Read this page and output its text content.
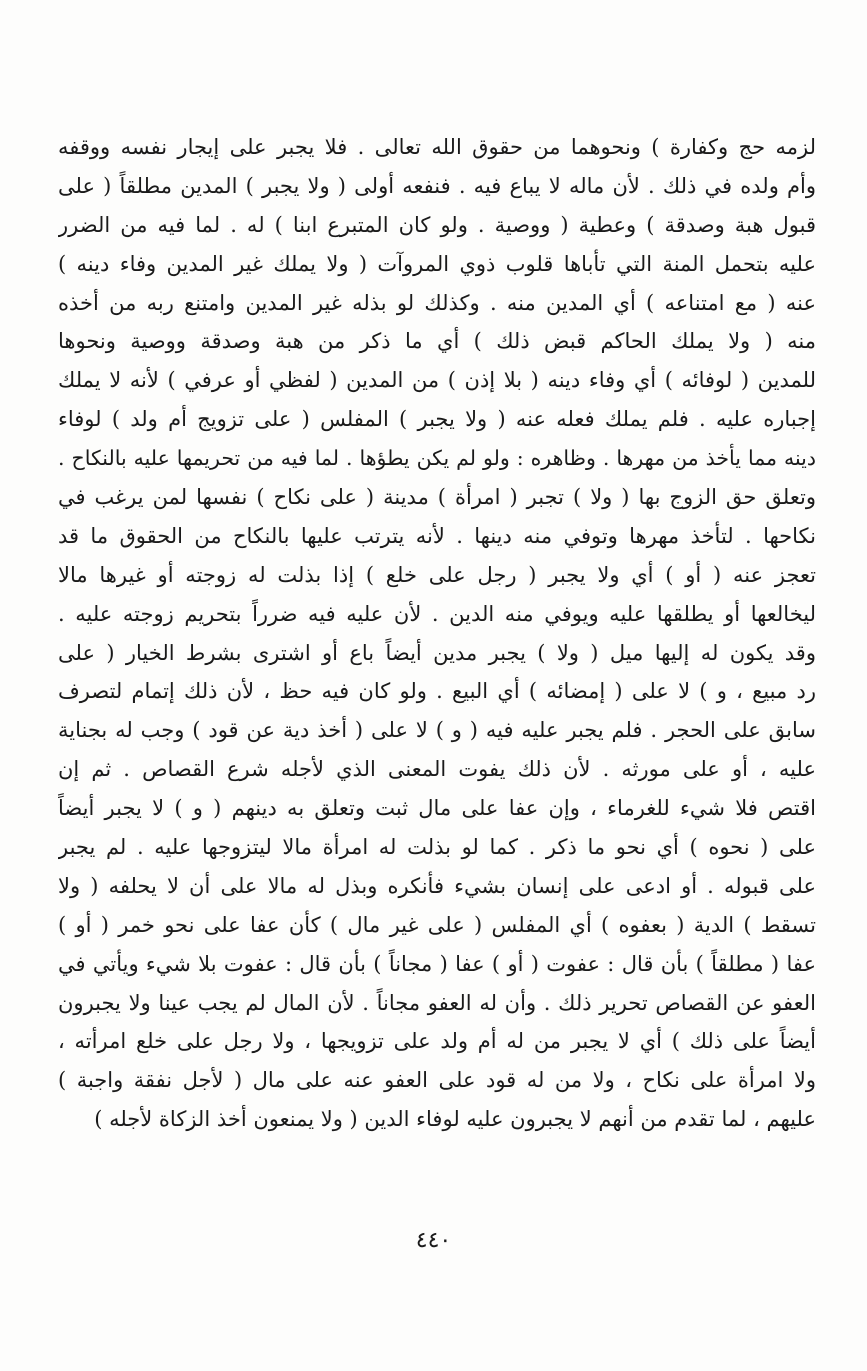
لزمه حج وكفارة ) ونحوهما من حقوق الله تعالى . فلا يجبر على إيجار نفسه ووقفه
وأم ولده في ذلك . لأن ماله لا يباع فيه . فنفعه أولى ( ولا يجبر ) المدين مطلقاً ( على
قبول هبة وصدقة ) وعطية ( ووصية . ولو كان المتبرع ابنا ) له . لما فيه من الضرر
عليه بتحمل المنة التي تأباها قلوب ذوي المروآت ( ولا يملك غير المدين وفاء دينه )
عنه ( مع امتناعه ) أي المدين منه . وكذلك لو بذله غير المدين وامتنع ربه من أخذه
منه ( ولا يملك الحاكم قبض ذلك ) أي ما ذكر من هبة وصدقة ووصية ونحوها
للمدين ( لوفائه ) أي وفاء دينه ( بلا إذن ) من المدين ( لفظي أو عرفي ) لأنه لا يملك
إجباره عليه . فلم يملك فعله عنه ( ولا يجبر ) المفلس ( على تزويج أم ولد ) لوفاء
دينه مما يأخذ من مهرها . وظاهره : ولو لم يكن يطؤها . لما فيه من تحريمها عليه بالنكاح .
وتعلق حق الزوج بها ( ولا ) تجبر ( امرأة ) مدينة ( على نكاح ) نفسها لمن يرغب في
نكاحها . لتأخذ مهرها وتوفي منه دينها . لأنه يترتب عليها بالنكاح من الحقوق ما قد
تعجز عنه ( أو ) أي ولا يجبر ( رجل على خلع ) إذا بذلت له زوجته أو غيرها مالا
ليخالعها أو يطلقها عليه ويوفي منه الدين . لأن عليه فيه ضرراً بتحريم زوجته عليه .
وقد يكون له إليها ميل ( ولا ) يجبر مدين أيضاً باع أو اشترى بشرط الخيار ( على
رد مبيع ، و ) لا على ( إمضائه ) أي البيع . ولو كان فيه حظ ، لأن ذلك إتمام لتصرف
سابق على الحجر . فلم يجبر عليه فيه ( و ) لا على ( أخذ دية عن قود ) وجب له بجناية
عليه ، أو على مورثه . لأن ذلك يفوت المعنى الذي لأجله شرع القصاص . ثم إن
اقتص فلا شيء للغرماء ، وإن عفا على مال ثبت وتعلق به دينهم ( و ) لا يجبر أيضاً
على ( نحوه ) أي نحو ما ذكر . كما لو بذلت له امرأة مالا ليتزوجها عليه . لم يجبر
على قبوله . أو ادعى على إنسان بشيء فأنكره وبذل له مالا على أن لا يحلفه ( ولا
تسقط ) الدية ( بعفوه ) أي المفلس ( على غير مال ) كأن عفا على نحو خمر ( أو )
عفا ( مطلقاً ) بأن قال : عفوت ( أو ) عفا ( مجاناً ) بأن قال : عفوت بلا شيء ويأتي في
العفو عن القصاص تحرير ذلك . وأن له العفو مجاناً . لأن المال لم يجب عينا ولا يجبرون
أيضاً على ذلك ) أي لا يجبر من له أم ولد على تزويجها ، ولا رجل على خلع امرأته ،
ولا امرأة على نكاح ، ولا من له قود على العفو عنه على مال ( لأجل نفقة واجبة )
عليهم ، لما تقدم من أنهم لا يجبرون عليه لوفاء الدين ( ولا يمنعون أخذ الزكاة لأجله )
٤٤٠
